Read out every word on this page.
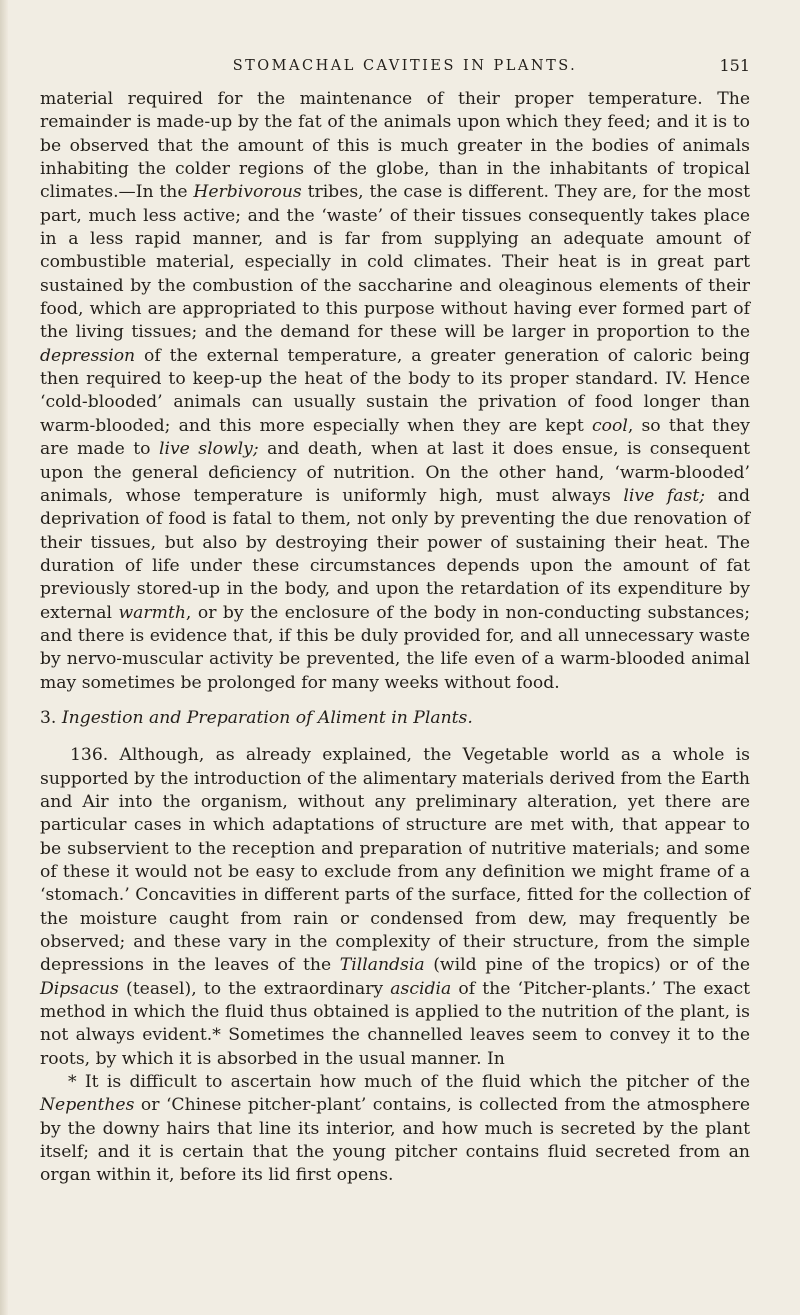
STOMACHAL CAVITIES IN PLANTS.	151

material required for the maintenance of their proper temperature. The remainder is made-up by the fat of the animals upon which they feed; and it is to be observed that the amount of this is much greater in the bodies of animals inhabiting the colder regions of the globe, than in the inhabitants of tropical climates.—In the Herbivorous tribes, the case is different. They are, for the most part, much less active; and the ‘waste’ of their tissues consequently takes place in a less rapid manner, and is far from supplying an adequate amount of combustible material, especially in cold climates. Their heat is in great part sustained by the combustion of the saccharine and oleaginous elements of their food, which are appropriated to this purpose without having ever formed part of the living tissues; and the demand for these will be larger in proportion to the depression of the external temperature, a greater generation of caloric being then required to keep-up the heat of the body to its proper standard. IV. Hence ‘cold-blooded’ animals can usually sustain the privation of food longer than warm-blooded; and this more especially when they are kept cool, so that they are made to live slowly; and death, when at last it does ensue, is consequent upon the general deficiency of nutrition. On the other hand, ‘warm-blooded’ animals, whose temperature is uniformly high, must always live fast; and deprivation of food is fatal to them, not only by preventing the due renovation of their tissues, but also by destroying their power of sustaining their heat. The duration of life under these circumstances depends upon the amount of fat previously stored-up in the body, and upon the retardation of its expenditure by external warmth, or by the enclosure of the body in non-conducting substances; and there is evidence that, if this be duly provided for, and all unnecessary waste by nervo-muscular activity be prevented, the life even of a warm-blooded animal may sometimes be prolonged for many weeks without food.

3. Ingestion and Preparation of Aliment in Plants.

136. Although, as already explained, the Vegetable world as a whole is supported by the introduction of the alimentary materials derived from the Earth and Air into the organism, without any preliminary alteration, yet there are particular cases in which adaptations of structure are met with, that appear to be subservient to the reception and preparation of nutritive materials; and some of these it would not be easy to exclude from any definition we might frame of a ‘stomach.’ Concavities in different parts of the surface, fitted for the collection of the moisture caught from rain or condensed from dew, may frequently be observed; and these vary in the complexity of their structure, from the simple depressions in the leaves of the Tillandsia (wild pine of the tropics) or of the Dipsacus (teasel), to the extraordinary ascidia of the ‘Pitcher-plants.’ The exact method in which the fluid thus obtained is applied to the nutrition of the plant, is not always evident.* Sometimes the channelled leaves seem to convey it to the roots, by which it is absorbed in the usual manner. In

* It is difficult to ascertain how much of the fluid which the pitcher of the Nepenthes or ‘Chinese pitcher-plant’ contains, is collected from the atmosphere by the downy hairs that line its interior, and how much is secreted by the plant itself; and it is certain that the young pitcher contains fluid secreted from an organ within it, before its lid first opens.
